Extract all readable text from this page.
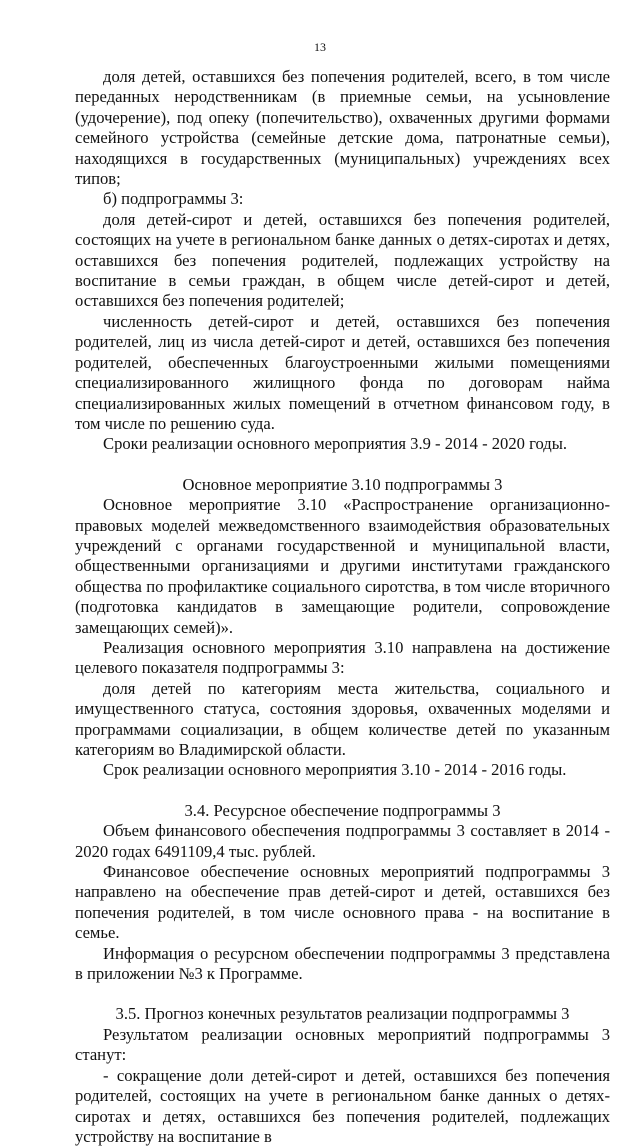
13

доля детей, оставшихся без попечения родителей, всего, в том числе переданных неродственникам (в приемные семьи, на усыновление (удочерение), под опеку (попечительство), охваченных другими формами семейного устройства (семейные детские дома, патронатные семьи), находящихся в государственных (муниципальных) учреждениях всех типов;

б) подпрограммы 3:

доля детей-сирот и детей, оставшихся без попечения родителей, состоящих на учете в региональном банке данных о детях-сиротах и детях, оставшихся без попечения родителей, подлежащих устройству на воспитание в семьи граждан, в общем числе детей-сирот и детей, оставшихся без попечения родителей;

численность детей-сирот и детей, оставшихся без попечения родителей, лиц из числа детей-сирот и детей, оставшихся без попечения родителей, обеспеченных благоустроенными жилыми помещениями специализированного жилищного фонда по договорам найма специализированных жилых помещений в отчетном финансовом году, в том числе по решению суда.

Сроки реализации основного мероприятия 3.9 - 2014 - 2020 годы.

Основное мероприятие 3.10 подпрограммы 3

Основное мероприятие 3.10 «Распространение организационно-правовых моделей межведомственного взаимодействия образовательных учреждений с органами государственной и муниципальной власти, общественными организациями и другими институтами гражданского общества по профилактике социального сиротства, в том числе вторичного (подготовка кандидатов в замещающие родители, сопровождение замещающих семей)».

Реализация основного мероприятия 3.10 направлена на достижение целевого показателя подпрограммы 3:

доля детей по категориям места жительства, социального и имущественного статуса, состояния здоровья, охваченных моделями и программами социализации, в общем количестве детей по указанным категориям во Владимирской области.

Срок реализации основного мероприятия 3.10 - 2014 - 2016 годы.

3.4. Ресурсное обеспечение подпрограммы 3

Объем финансового обеспечения подпрограммы 3 составляет в 2014 - 2020 годах 6491109,4 тыс. рублей.

Финансовое обеспечение основных мероприятий подпрограммы 3 направлено на обеспечение прав детей-сирот и детей, оставшихся без попечения родителей, в том числе основного права - на воспитание в семье.

Информация о ресурсном обеспечении подпрограммы 3 представлена в приложении №3 к Программе.

3.5. Прогноз конечных результатов реализации подпрограммы 3

Результатом реализации основных мероприятий подпрограммы 3 станут:

- сокращение доли детей-сирот и детей, оставшихся без попечения родителей, состоящих на учете в региональном банке данных о детях-сиротах и детях, оставшихся без попечения родителей, подлежащих устройству на воспитание в
